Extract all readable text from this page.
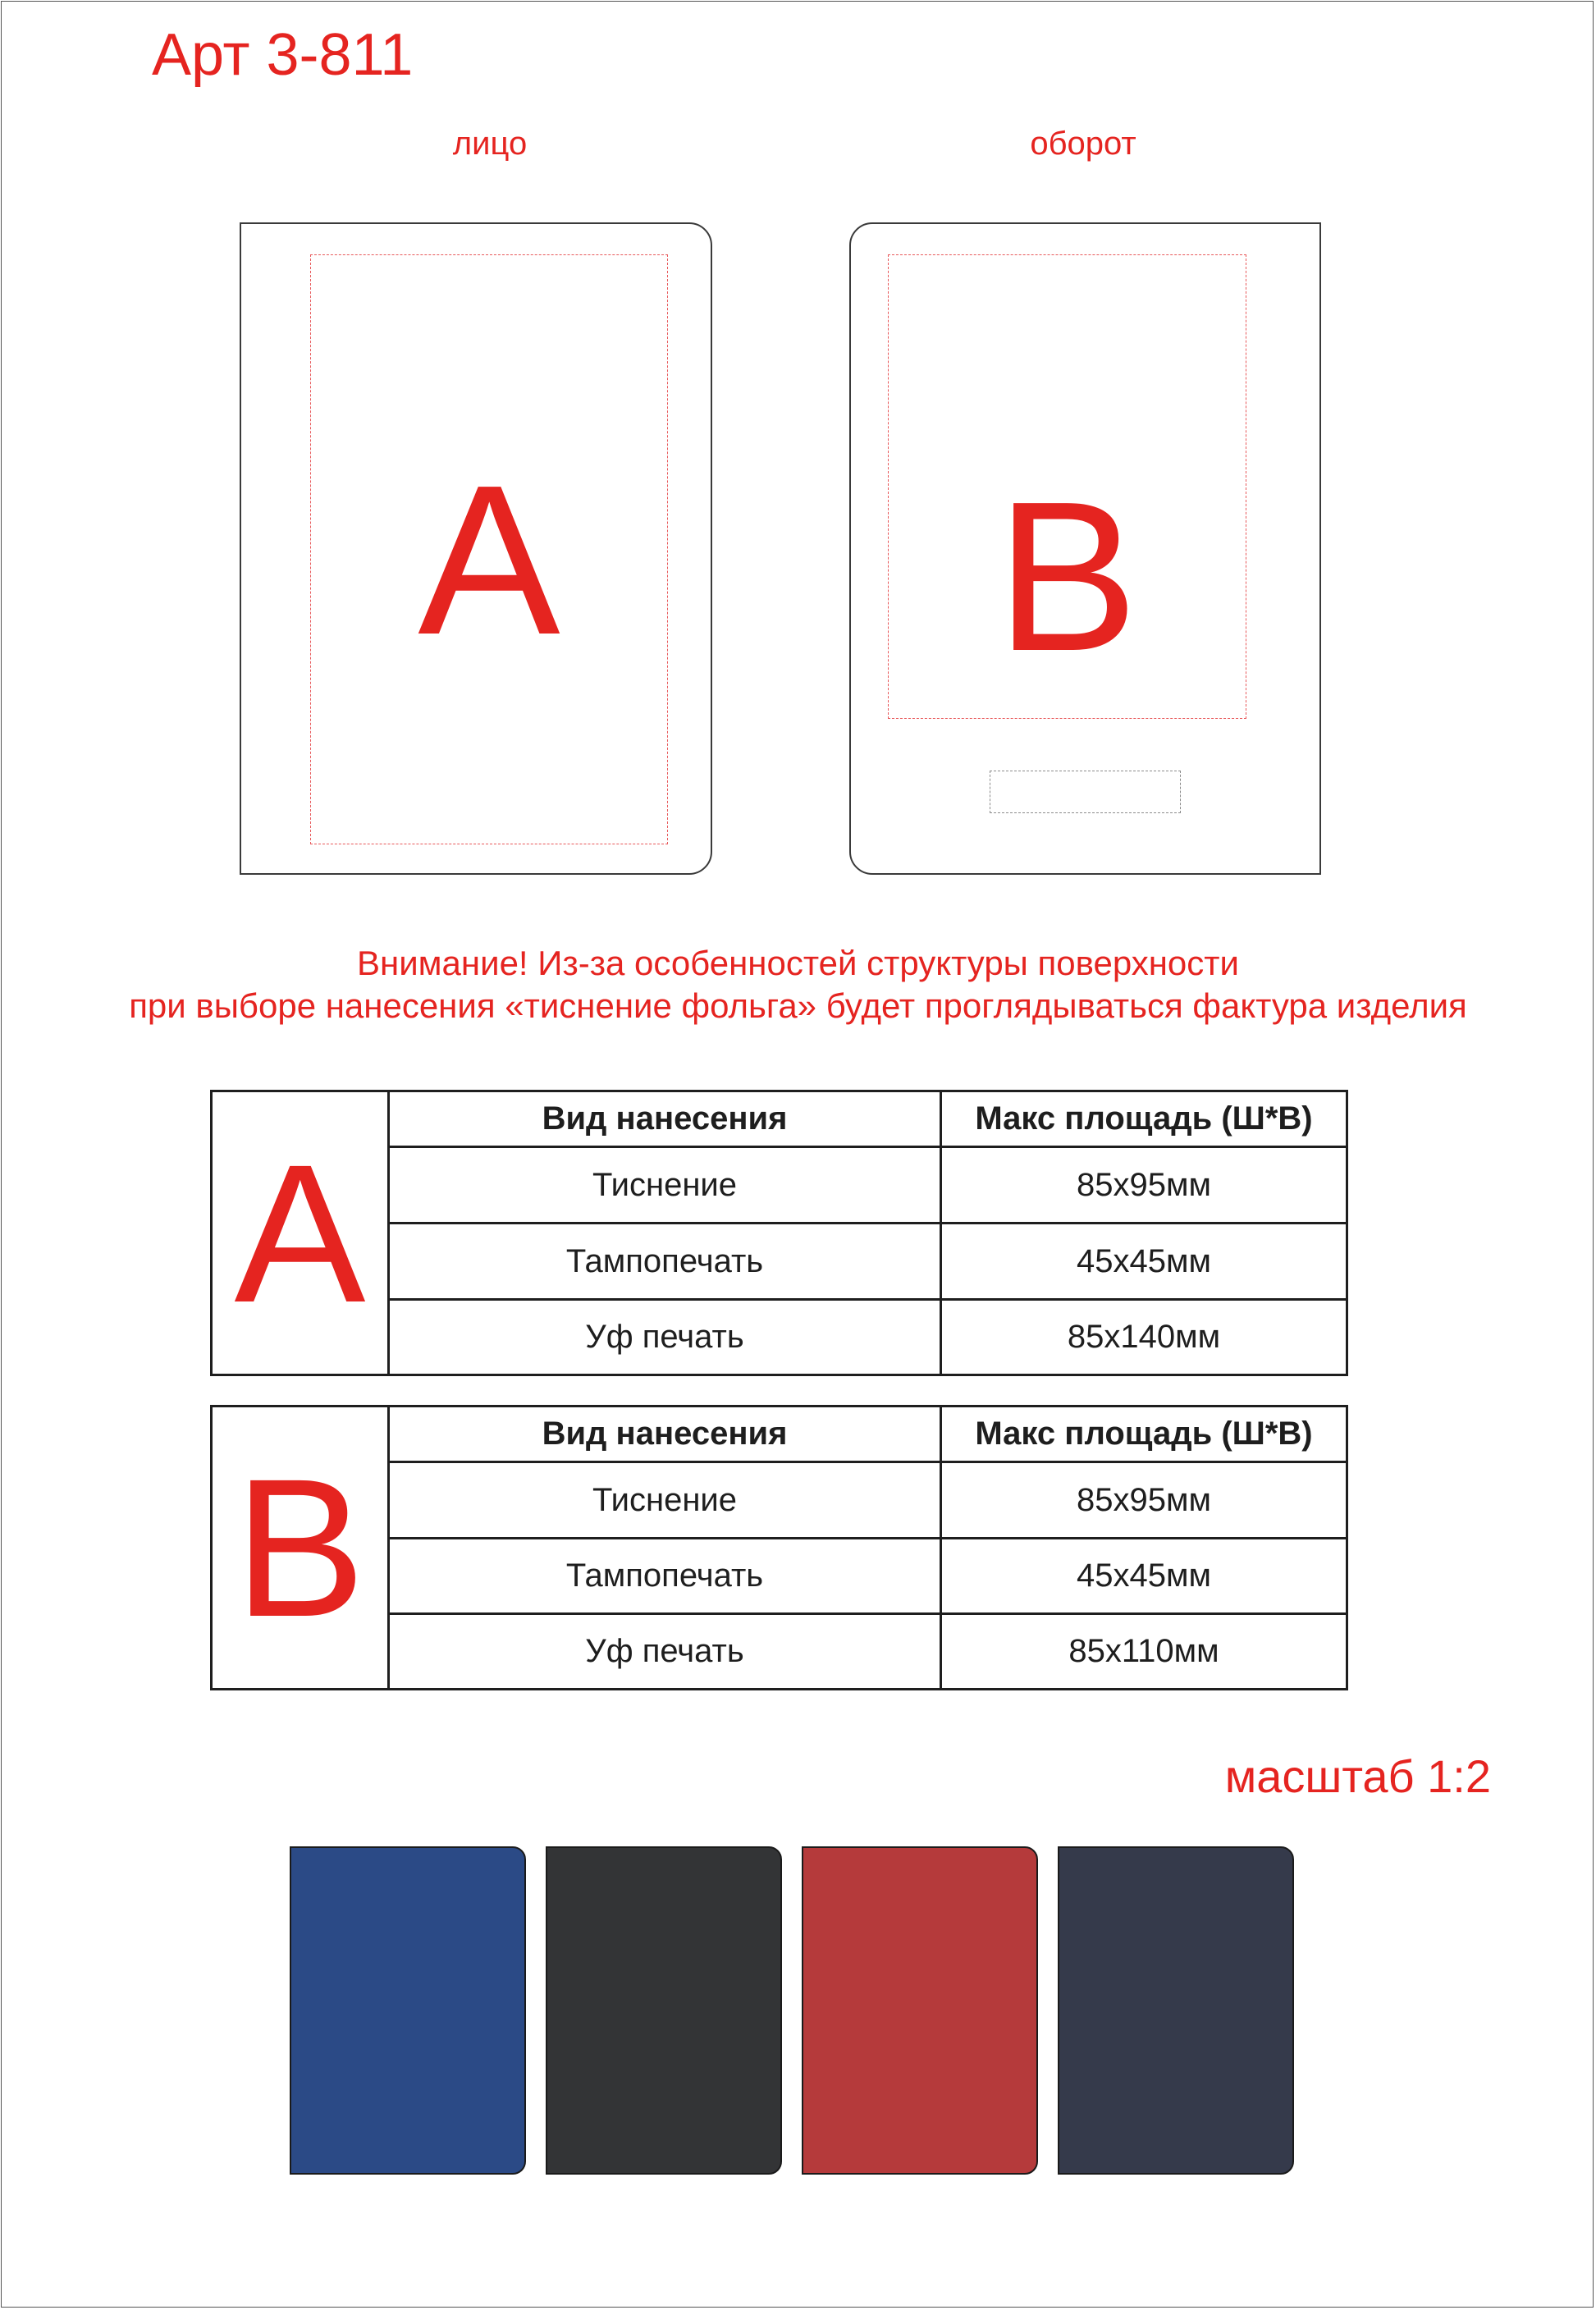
Арт 3-811
лицо	оборот
A	B
Внимание! Из-за особенностей структуры поверхности
при выборе нанесения «тиснение фольга» будет проглядываться фактура изделия
A	Вид нанесения	Макс площадь (Ш*В)
	Тиснение	85x95мм
	Тампопечать	45x45мм
	Уф печать	85x140мм
B	Вид нанесения	Макс площадь (Ш*В)
	Тиснение	85x95мм
	Тампопечать	45x45мм
	Уф печать	85x110мм
масштаб 1:2
